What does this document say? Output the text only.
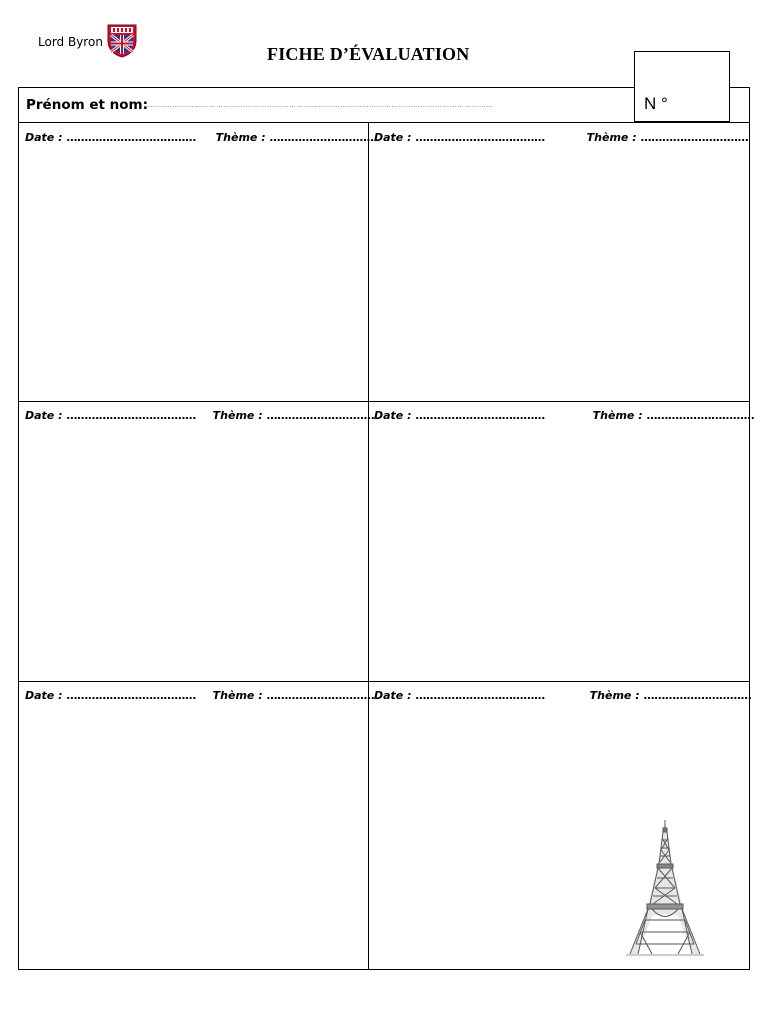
Lord Byron
FICHE D’ÉVALUATION
N °
Prénom et nom:
………………………………………………………………………………………………………………………………
Date : ……………………………… Thème : …………………………
Date : ………………………………	Thème : …………………………
Date : ……………………………… Thème : ………………………… Date : ………………………………	Thème : …………………………
Date : ……………………………… Thème : ………………………… Date : ………………………………	Thème : …………………………
